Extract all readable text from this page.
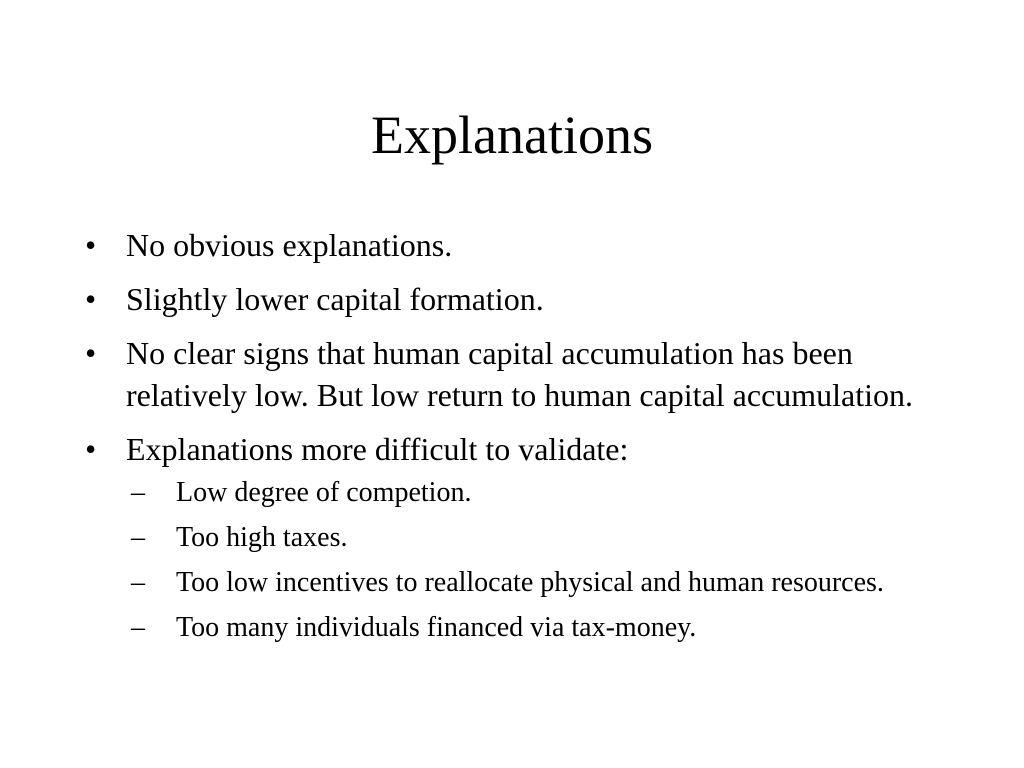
Explanations
• No obvious explanations.
• Slightly lower capital formation.
• No clear signs that human capital accumulation has been relatively low. But low return to human capital accumulation.
• Explanations more difficult to validate:
– Low degree of competion.
– Too high taxes.
– Too low incentives to reallocate physical and human resources.
– Too many individuals financed via tax-money.
